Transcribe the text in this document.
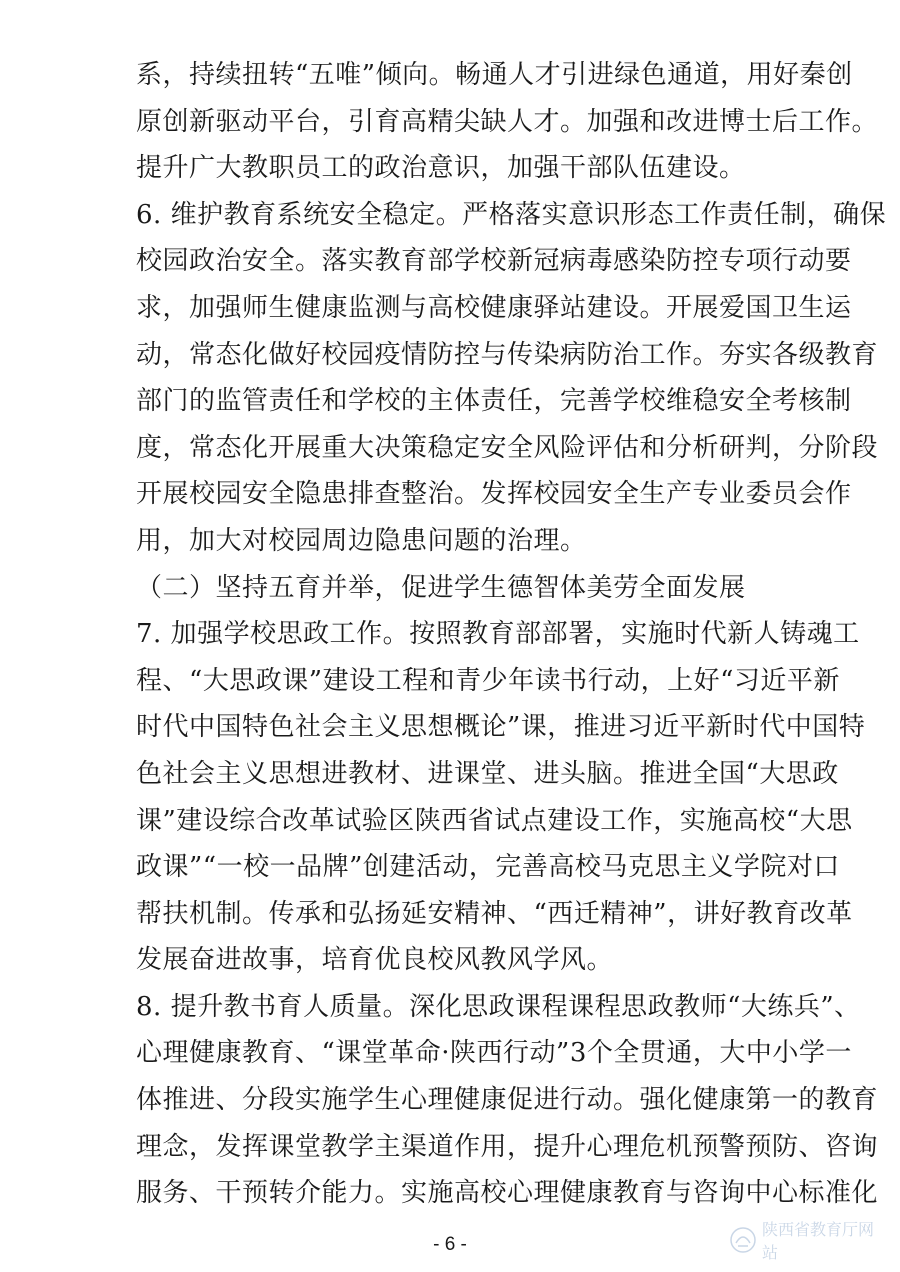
系，持续扭转“五唯”倾向。畅通人才引进绿色通道，用好秦创
原创新驱动平台，引育高精尖缺人才。加强和改进博士后工作。
提升广大教职员工的政治意识，加强干部队伍建设。
6. 维护教育系统安全稳定。严格落实意识形态工作责任制，确保
校园政治安全。落实教育部学校新冠病毒感染防控专项行动要
求，加强师生健康监测与高校健康驿站建设。开展爱国卫生运
动，常态化做好校园疫情防控与传染病防治工作。夯实各级教育
部门的监管责任和学校的主体责任，完善学校维稳安全考核制
度，常态化开展重大决策稳定安全风险评估和分析研判，分阶段
开展校园安全隐患排查整治。发挥校园安全生产专业委员会作
用，加大对校园周边隐患问题的治理。
（二）坚持五育并举，促进学生德智体美劳全面发展
7. 加强学校思政工作。按照教育部部署，实施时代新人铸魂工
程、“大思政课”建设工程和青少年读书行动，上好“习近平新
时代中国特色社会主义思想概论”课，推进习近平新时代中国特
色社会主义思想进教材、进课堂、进头脑。推进全国“大思政
课”建设综合改革试验区陕西省试点建设工作，实施高校“大思
政课”“一校一品牌”创建活动，完善高校马克思主义学院对口
帮扶机制。传承和弘扬延安精神、“西迁精神”，讲好教育改革
发展奋进故事，培育优良校风教风学风。
8. 提升教书育人质量。深化思政课程课程思政教师“大练兵”、
心理健康教育、“课堂革命·陕西行动”3个全贯通，大中小学一
体推进、分段实施学生心理健康促进行动。强化健康第一的教育
理念，发挥课堂教学主渠道作用，提升心理危机预警预防、咨询
服务、干预转介能力。实施高校心理健康教育与咨询中心标准化
- 6 -
陕西省教育厅网站
